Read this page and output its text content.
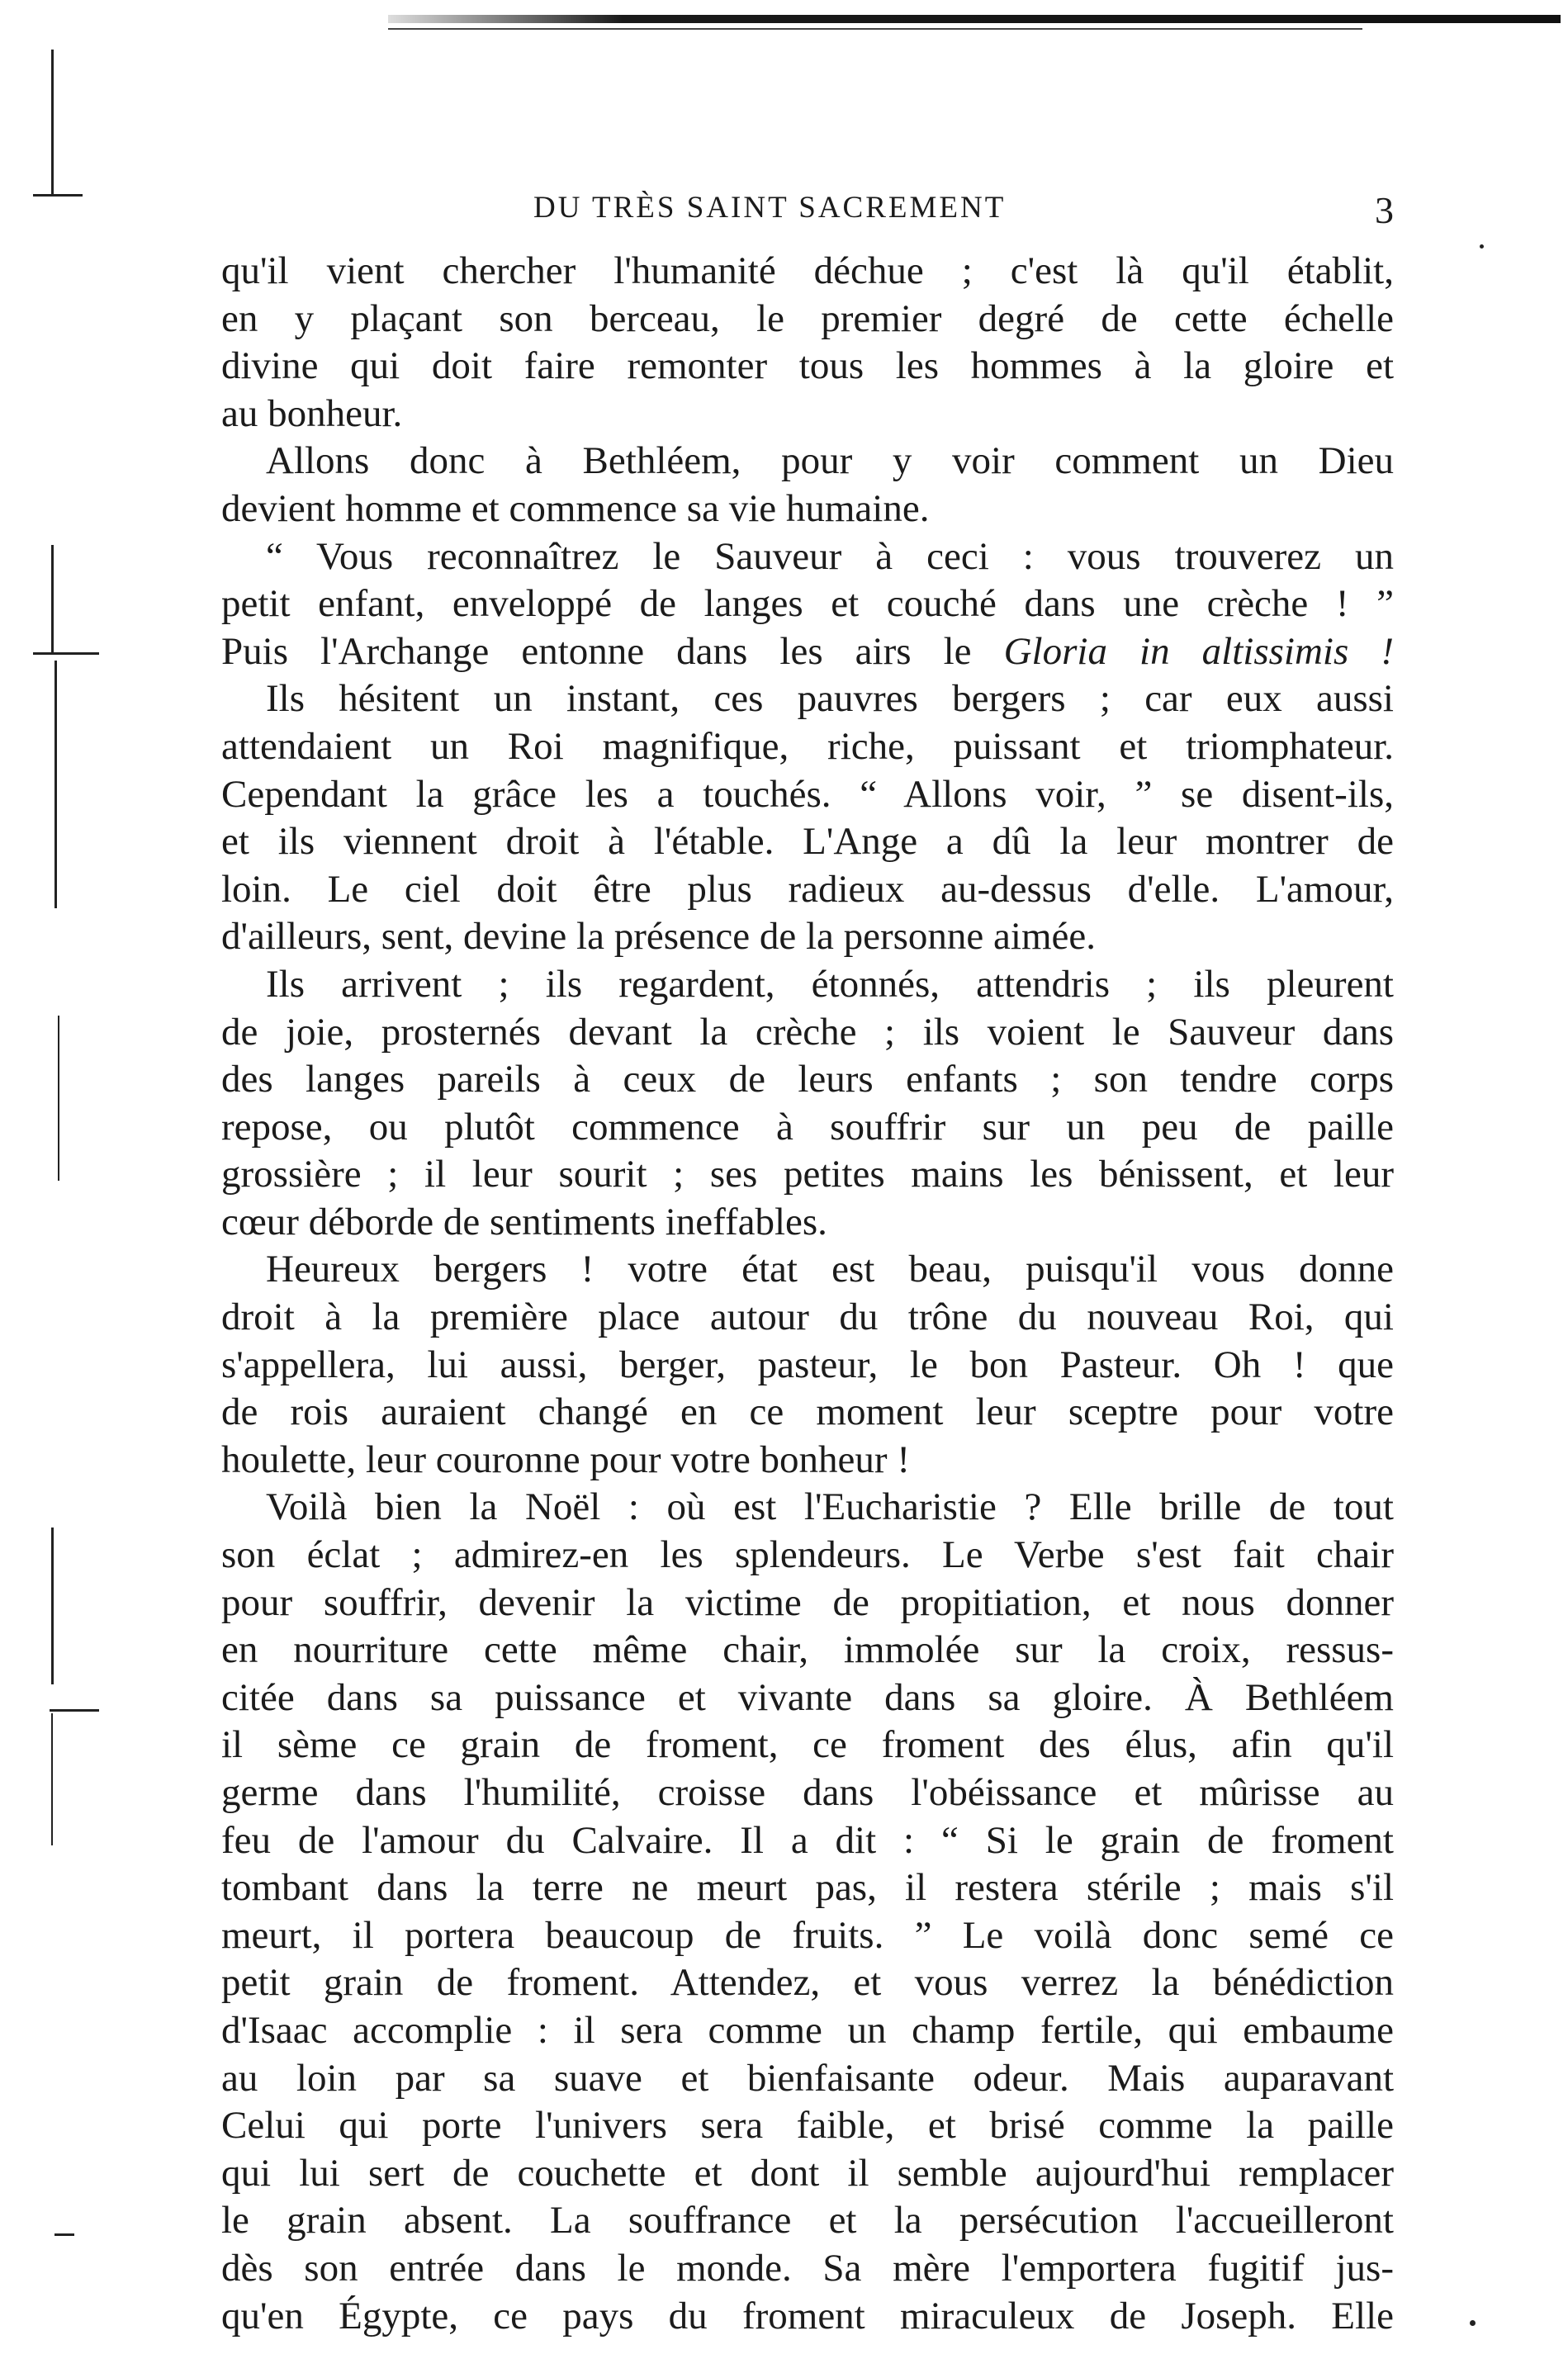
DU TRÈS SAINT SACREMENT	3
qu'il vient chercher l'humanité déchue ; c'est là qu'il établit,
en y plaçant son berceau, le premier degré de cette échelle
divine qui doit faire remonter tous les hommes à la gloire et
au bonheur.
Allons donc à Bethléem, pour y voir comment un Dieu
devient homme et commence sa vie humaine.
“ Vous reconnaîtrez le Sauveur à ceci : vous trouverez un
petit enfant, enveloppé de langes et couché dans une crèche ! ”
Puis l'Archange entonne dans les airs le Gloria in altissimis !
Ils hésitent un instant, ces pauvres bergers ; car eux aussi
attendaient un Roi magnifique, riche, puissant et triomphateur.
Cependant la grâce les a touchés. “ Allons voir, ” se disent-ils,
et ils viennent droit à l'étable. L'Ange a dû la leur montrer de
loin. Le ciel doit être plus radieux au-dessus d'elle. L'amour,
d'ailleurs, sent, devine la présence de la personne aimée.
Ils arrivent ; ils regardent, étonnés, attendris ; ils pleurent
de joie, prosternés devant la crèche ; ils voient le Sauveur dans
des langes pareils à ceux de leurs enfants ; son tendre corps
repose, ou plutôt commence à souffrir sur un peu de paille
grossière ; il leur sourit ; ses petites mains les bénissent, et leur
cœur déborde de sentiments ineffables.
Heureux bergers ! votre état est beau, puisqu'il vous donne
droit à la première place autour du trône du nouveau Roi, qui
s'appellera, lui aussi, berger, pasteur, le bon Pasteur. Oh ! que
de rois auraient changé en ce moment leur sceptre pour votre
houlette, leur couronne pour votre bonheur !
Voilà bien la Noël : où est l'Eucharistie ? Elle brille de tout
son éclat ; admirez-en les splendeurs. Le Verbe s'est fait chair
pour souffrir, devenir la victime de propitiation, et nous donner
en nourriture cette même chair, immolée sur la croix, ressus-
citée dans sa puissance et vivante dans sa gloire. À Bethléem
il sème ce grain de froment, ce froment des élus, afin qu'il
germe dans l'humilité, croisse dans l'obéissance et mûrisse au
feu de l'amour du Calvaire. Il a dit : “ Si le grain de froment
tombant dans la terre ne meurt pas, il restera stérile ; mais s'il
meurt, il portera beaucoup de fruits. ” Le voilà donc semé ce
petit grain de froment. Attendez, et vous verrez la bénédiction
d'Isaac accomplie : il sera comme un champ fertile, qui embaume
au loin par sa suave et bienfaisante odeur. Mais auparavant
Celui qui porte l'univers sera faible, et brisé comme la paille
qui lui sert de couchette et dont il semble aujourd'hui remplacer
le grain absent. La souffrance et la persécution l'accueilleront
dès son entrée dans le monde. Sa mère l'emportera fugitif jus-
qu'en Égypte, ce pays du froment miraculeux de Joseph. Elle
